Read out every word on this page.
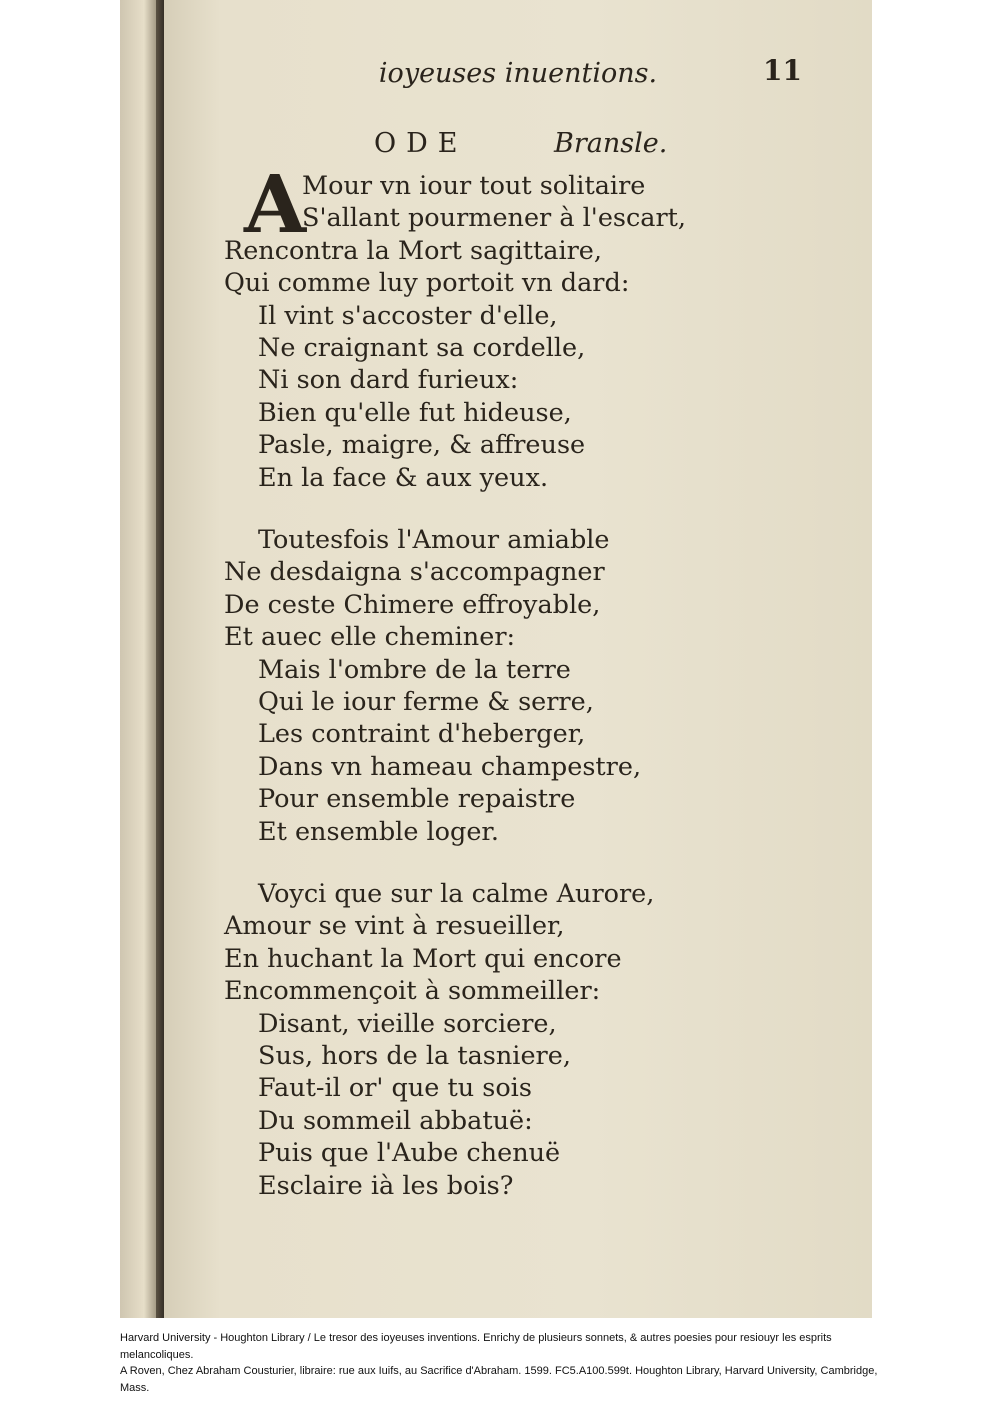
ioyeuses inuentions.	11
ODE	Bransle.
A
Mour vn iour tout solitaire
S'allant pourmener à l'escart,
Rencontra la Mort sagittaire,
Qui comme luy portoit vn dard:
Il vint s'accoster d'elle,
Ne craignant sa cordelle,
Ni son dard furieux:
Bien qu'elle fut hideuse,
Pasle, maigre, & affreuse
En la face & aux yeux.
Toutesfois l'Amour amiable
Ne desdaigna s'accompagner
De ceste Chimere effroyable,
Et auec elle cheminer:
Mais l'ombre de la terre
Qui le iour ferme & serre,
Les contraint d'heberger,
Dans vn hameau champestre,
Pour ensemble repaistre
Et ensemble loger.
Voyci que sur la calme Aurore,
Amour se vint à resueiller,
En huchant la Mort qui encore
Encommençoit à sommeiller:
Disant, vieille sorciere,
Sus, hors de la tasniere,
Faut-il or' que tu sois
Du sommeil abbatuë:
Puis que l'Aube chenuë
Esclaire ià les bois?
Harvard University - Houghton Library / Le tresor des ioyeuses inventions. Enrichy de plusieurs sonnets, & autres poesies pour resiouyr les esprits melancoliques.
A Roven, Chez Abraham Cousturier, libraire: rue aux Iuifs, au Sacrifice d'Abraham. 1599. FC5.A100.599t. Houghton Library, Harvard University, Cambridge, Mass.
